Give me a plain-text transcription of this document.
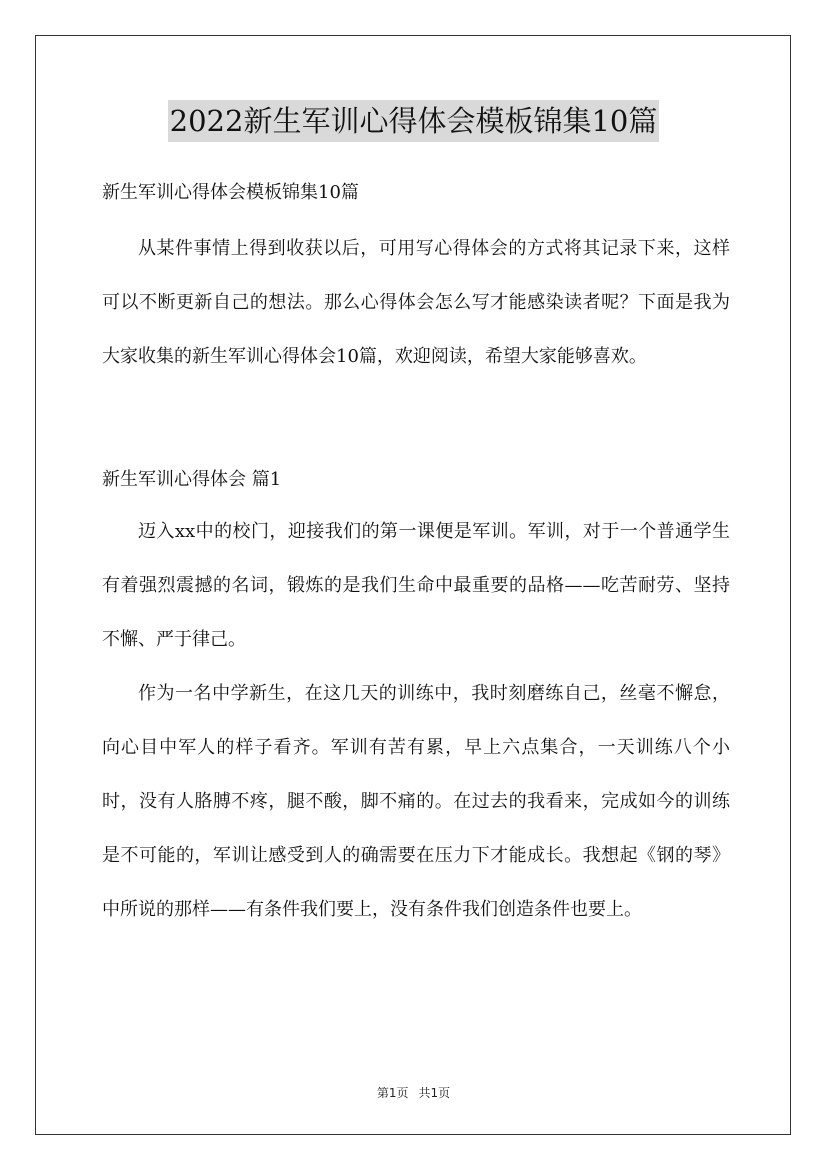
2022新生军训心得体会模板锦集10篇

新生军训心得体会模板锦集10篇

从某件事情上得到收获以后，可用写心得体会的方式将其记录下来，这样可以不断更新自己的想法。那么心得体会怎么写才能感染读者呢？下面是我为大家收集的新生军训心得体会10篇，欢迎阅读，希望大家能够喜欢。

新生军训心得体会 篇1

迈入xx中的校门，迎接我们的第一课便是军训。军训，对于一个普通学生有着强烈震撼的名词，锻炼的是我们生命中最重要的品格——吃苦耐劳、坚持不懈、严于律己。

作为一名中学新生，在这几天的训练中，我时刻磨练自己，丝毫不懈怠，向心目中军人的样子看齐。军训有苦有累，早上六点集合，一天训练八个小时，没有人胳膊不疼，腿不酸，脚不痛的。在过去的我看来，完成如今的训练是不可能的，军训让感受到人的确需要在压力下才能成长。我想起《钢的琴》中所说的那样——有条件我们要上，没有条件我们创造条件也要上。

第1页 共1页
